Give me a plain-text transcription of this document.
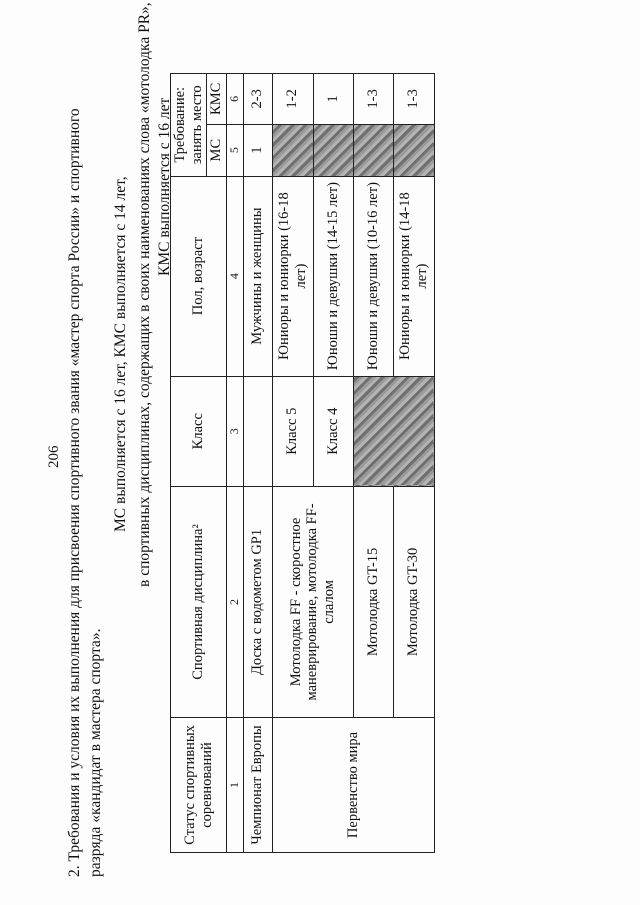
206 2. Требования и условия их выполнения для присвоения спортивного звания «мастер спорта России» и спортивного разряда «кандидат в мастера спорта».
МС выполняется с 16 лет, КМС выполняется с 14 лет, в спортивных дисциплинах, содержащих в своих наименованиях слова «мотолодка PR», КМС выполняется с 16 лет
Статус спортивных соревнований	Спортивная дисциплина²	Класс	Пол, возраст	Требование: занять место	
				МС	КМС
1	2	3	4	5	6
Чемпионат Европы	Доска с водометом GP1		Мужчины и женщины	1	2-3
Первенство мира	Мотолодка FF - скоростное маневрирование, мотолодка FF-слалом	Класс 5	Юниоры и юниорки (16-18 лет)		1-2
		Класс 4	Юноши и девушки (14-15 лет)		1
	Мотолодка GT-15		Юноши и девушки (10-16 лет)		1-3
	Мотолодка GT-30		Юниоры и юниорки (14-18 лет)		1-3
